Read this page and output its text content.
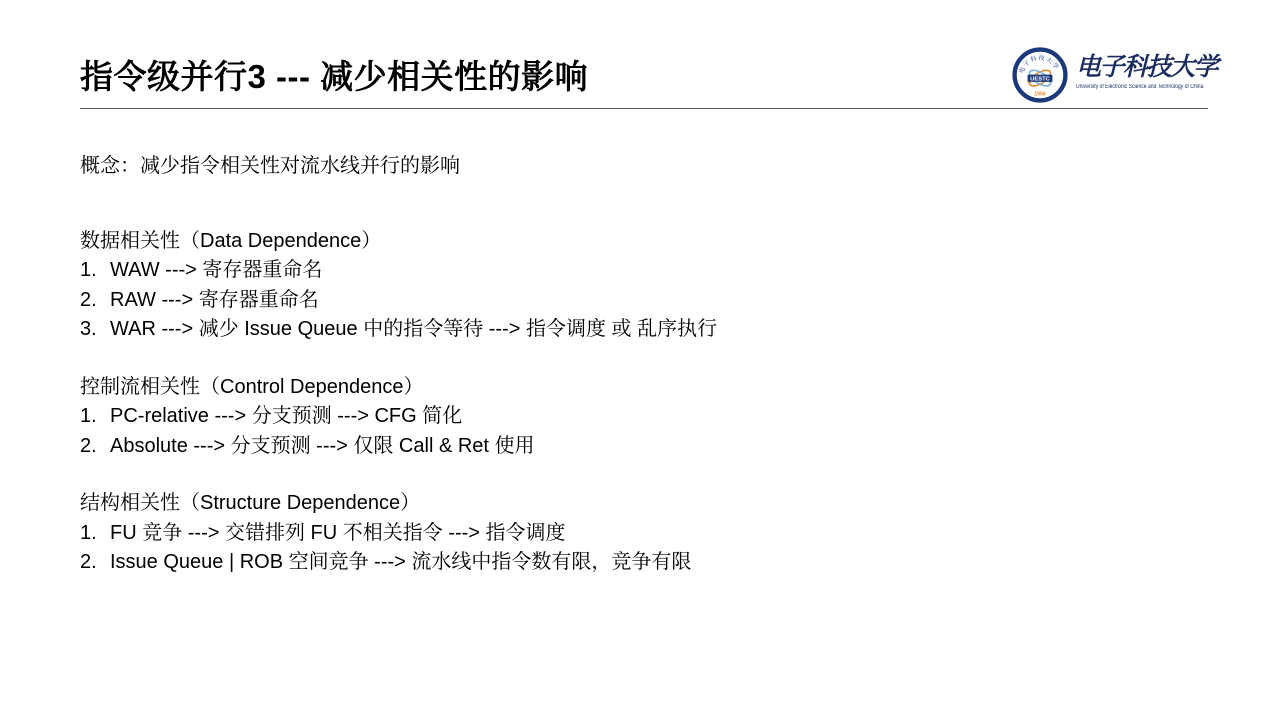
指令级并行3 --- 减少相关性的影响	电子科技大学
UESTC
1956
电子科技大学
University of Electronic Science and Technology of China
概念：减少指令相关性对流水线并行的影响
数据相关性（Data Dependence）
1. WAW ---> 寄存器重命名
2. RAW ---> 寄存器重命名
3. WAR ---> 减少 Issue Queue 中的指令等待 ---> 指令调度 或 乱序执行
控制流相关性（Control Dependence）
1. PC-relative ---> 分支预测 ---> CFG 简化
2. Absolute ---> 分支预测 ---> 仅限 Call & Ret 使用
结构相关性（Structure Dependence）
1. FU 竞争 ---> 交错排列 FU 不相关指令 ---> 指令调度
2. Issue Queue | ROB 空间竞争 ---> 流水线中指令数有限，竞争有限
